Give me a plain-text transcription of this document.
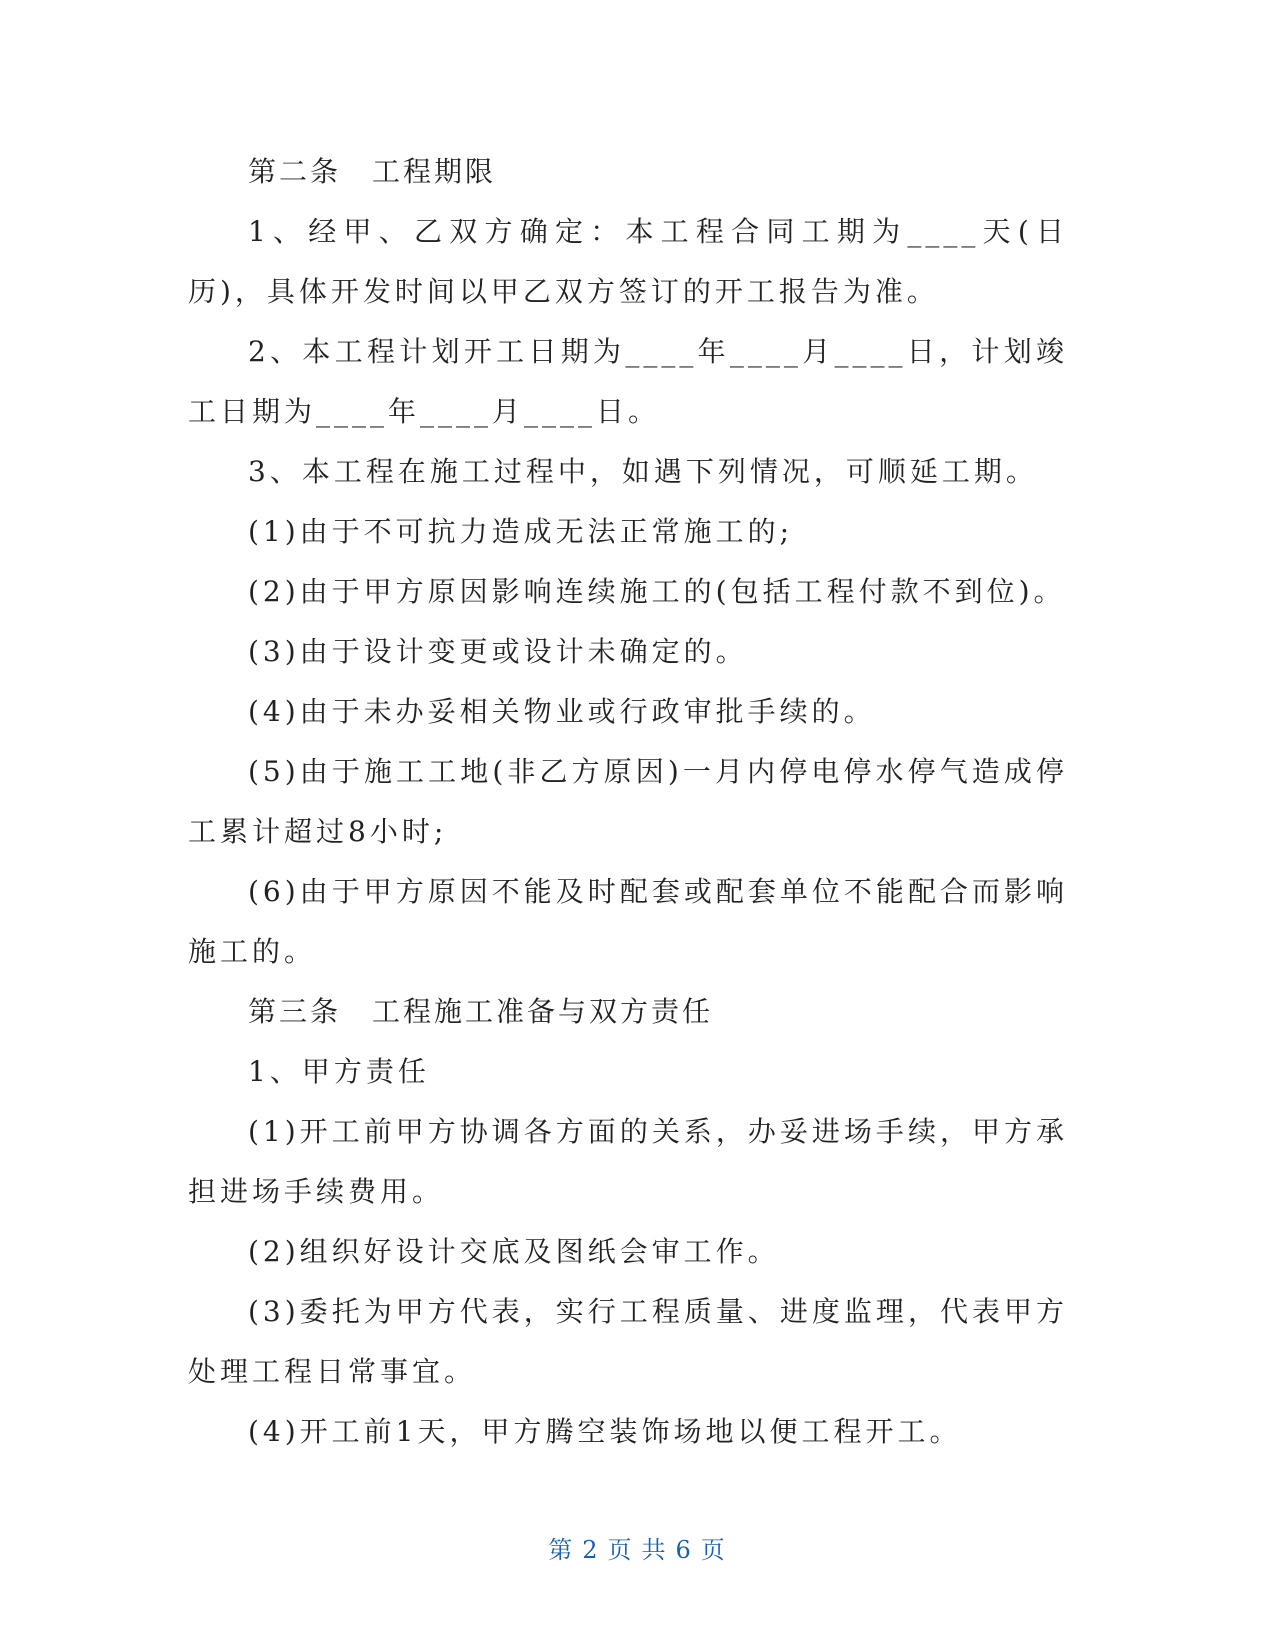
第二条　工程期限

1、经甲、乙双方确定：本工程合同工期为____天(日历)，具体开发时间以甲乙双方签订的开工报告为准。

2、本工程计划开工日期为____年____月____日，计划竣工日期为____年____月____日。

3、本工程在施工过程中，如遇下列情况，可顺延工期。

(1)由于不可抗力造成无法正常施工的;

(2)由于甲方原因影响连续施工的(包括工程付款不到位)。

(3)由于设计变更或设计未确定的。

(4)由于未办妥相关物业或行政审批手续的。

(5)由于施工工地(非乙方原因)一月内停电停水停气造成停工累计超过8小时;

(6)由于甲方原因不能及时配套或配套单位不能配合而影响施工的。

第三条　工程施工准备与双方责任

1、甲方责任

(1)开工前甲方协调各方面的关系，办妥进场手续，甲方承担进场手续费用。

(2)组织好设计交底及图纸会审工作。

(3)委托为甲方代表，实行工程质量、进度监理，代表甲方处理工程日常事宜。

(4)开工前1天，甲方腾空装饰场地以便工程开工。

第 2 页 共 6 页
